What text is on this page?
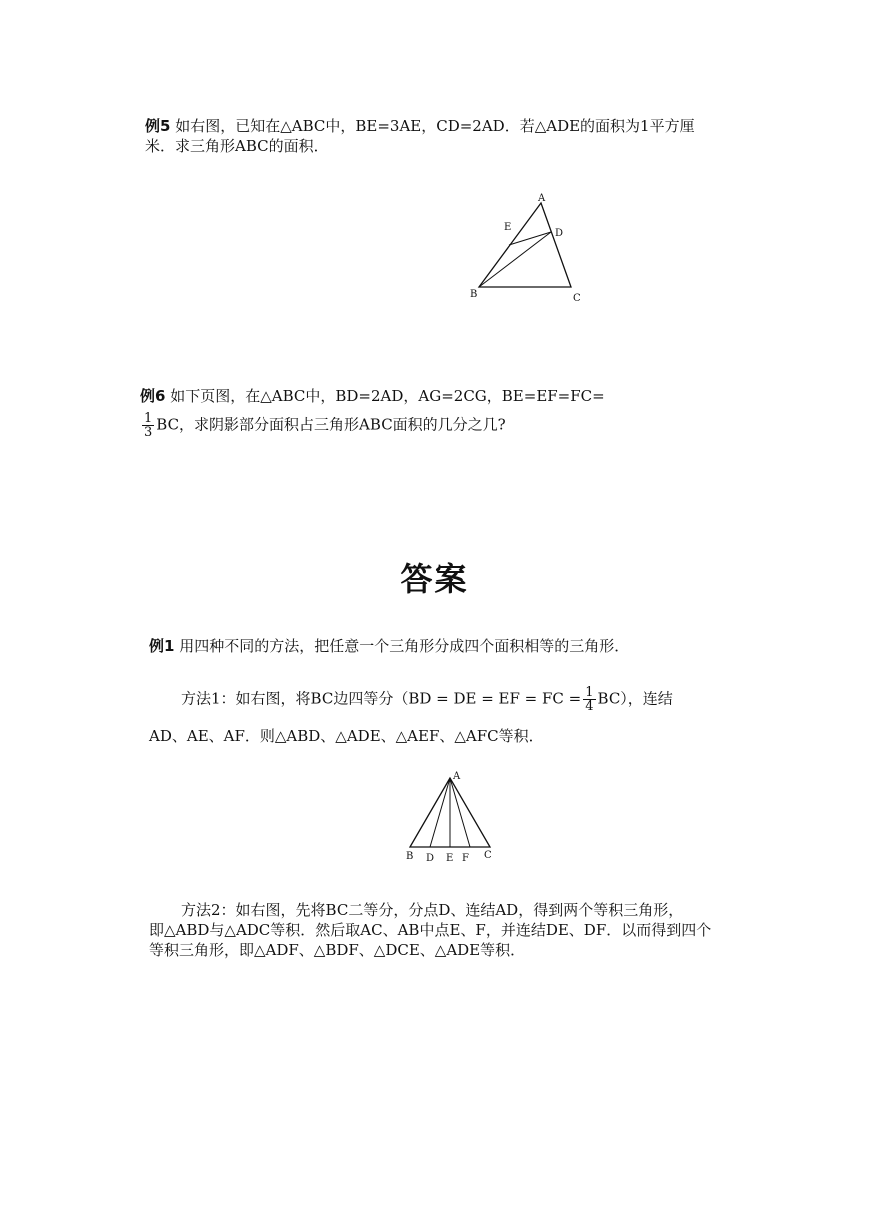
例5 如右图，已知在△ABC中，BE=3AE，CD=2AD．若△ADE的面积为1平方厘
米．求三角形ABC的面积．
A
B	C
D
E
例6 如下页图，在△ABC中，BD=2AD，AG=2CG，BE=EF=FC=
$\frac{1}{3}$ BC，求阴影部分面积占三角形ABC面积的几分之几?
答案
例1 用四种不同的方法，把任意一个三角形分成四个面积相等的三角形．
方法1：如右图，将BC边四等分（BD = DE = EF = FC = $\frac{1}{4} BC$），连结
AD、AE、AF．则△ABD、△ADE、△AEF、△AFC等积．
A
B D E F C
方法2：如右图，先将BC二等分，分点D、连结AD，得到两个等积三角形，
即△ABD与△ADC等积．然后取AC、AB中点E、F，并连结DE、DF．以而得到四个
等积三角形，即△ADF、△BDF、△DCE、△ADE等积．
